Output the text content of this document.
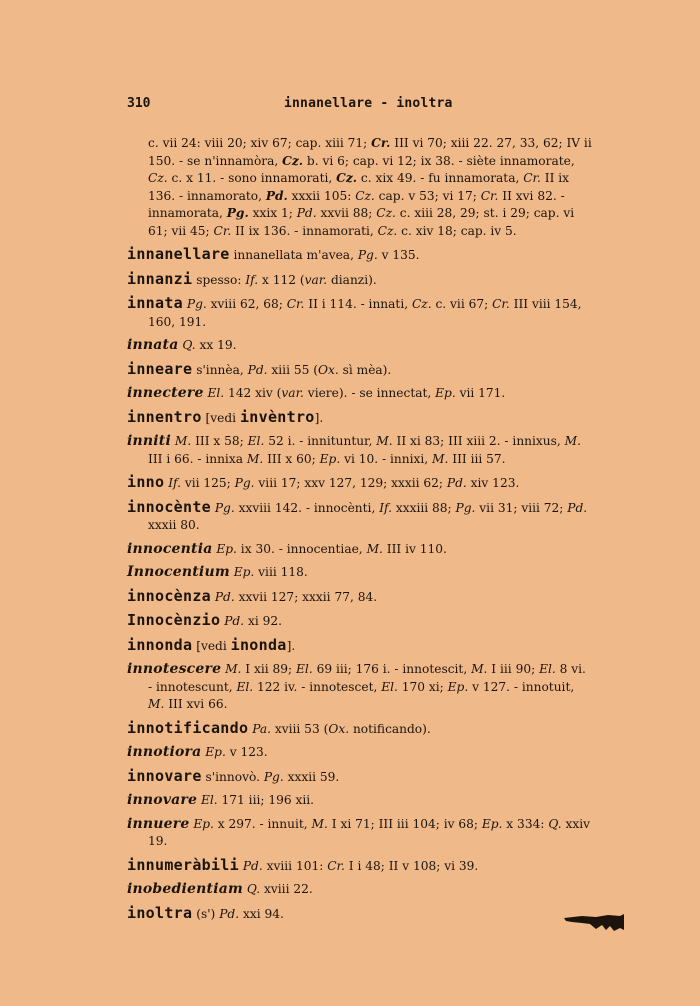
310	innanellare - inoltra

c. vii 24: viii 20; xiv 67; cap. xiii 71; Cr. III vi 70; xiii 22. 27, 33, 62; IV ii 150. - se n'innamòra, Cz. b. vi 6; cap. vi 12; ix 38. - siète innamorate, Cz. c. x 11. - sono innamorati, Cz. c. xix 49. - fu innamorata, Cr. II ix 136. - innamorato, Pd. xxxii 105: Cz. cap. v 53; vi 17; Cr. II xvi 82. - innamorata, Pg. xxix 1; Pd. xxvii 88; Cz. c. xiii 28, 29; st. i 29; cap. vi 61; vii 45; Cr. II ix 136. - innamorati, Cz. c. xiv 18; cap. iv 5.

innanellare innanellata m'avea, Pg. v 135.

innanzi spesso: If. x 112 (var. dianzi).

innata Pg. xviii 62, 68; Cr. II i 114. - innati, Cz. c. vii 67; Cr. III viii 154, 160, 191.

innata Q. xx 19.

inneare s'innèa, Pd. xiii 55 (Ox. sì mèa).

innectere El. 142 xiv (var. viere). - se innectat, Ep. vii 171.

innentro [vedi invèntro].

inniti M. III x 58; El. 52 i. - innituntur, M. II xi 83; III xiii 2. - innixus, M. III i 66. - innixa M. III x 60; Ep. vi 10. - innixi, M. III iii 57.

inno If. vii 125; Pg. viii 17; xxv 127, 129; xxxii 62; Pd. xiv 123.

innocènte Pg. xxviii 142. - innocènti, If. xxxiii 88; Pg. vii 31; viii 72; Pd. xxxii 80.

innocentia Ep. ix 30. - innocentiae, M. III iv 110.

Innocentium Ep. viii 118.

innocènza Pd. xxvii 127; xxxii 77, 84.

Innocènzio Pd. xi 92.

innonda [vedi inonda].

innotescere M. I xii 89; El. 69 iii; 176 i. - innotescit, M. I iii 90; El. 8 vi. - innotescunt, El. 122 iv. - innotescet, El. 170 xi; Ep. v 127. - innotuit, M. III xvi 66.

innotificando Pa. xviii 53 (Ox. notificando).

innotiora Ep. v 123.

innovare s'innovò. Pg. xxxii 59.

innovare El. 171 iii; 196 xii.

innuere Ep. x 297. - innuit, M. I xi 71; III iii 104; iv 68; Ep. x 334: Q. xxiv 19.

innumeràbili Pd. xviii 101: Cr. I i 48; II v 108; vi 39.

inobedientiam Q. xviii 22.

inoltra (s') Pd. xxi 94.
